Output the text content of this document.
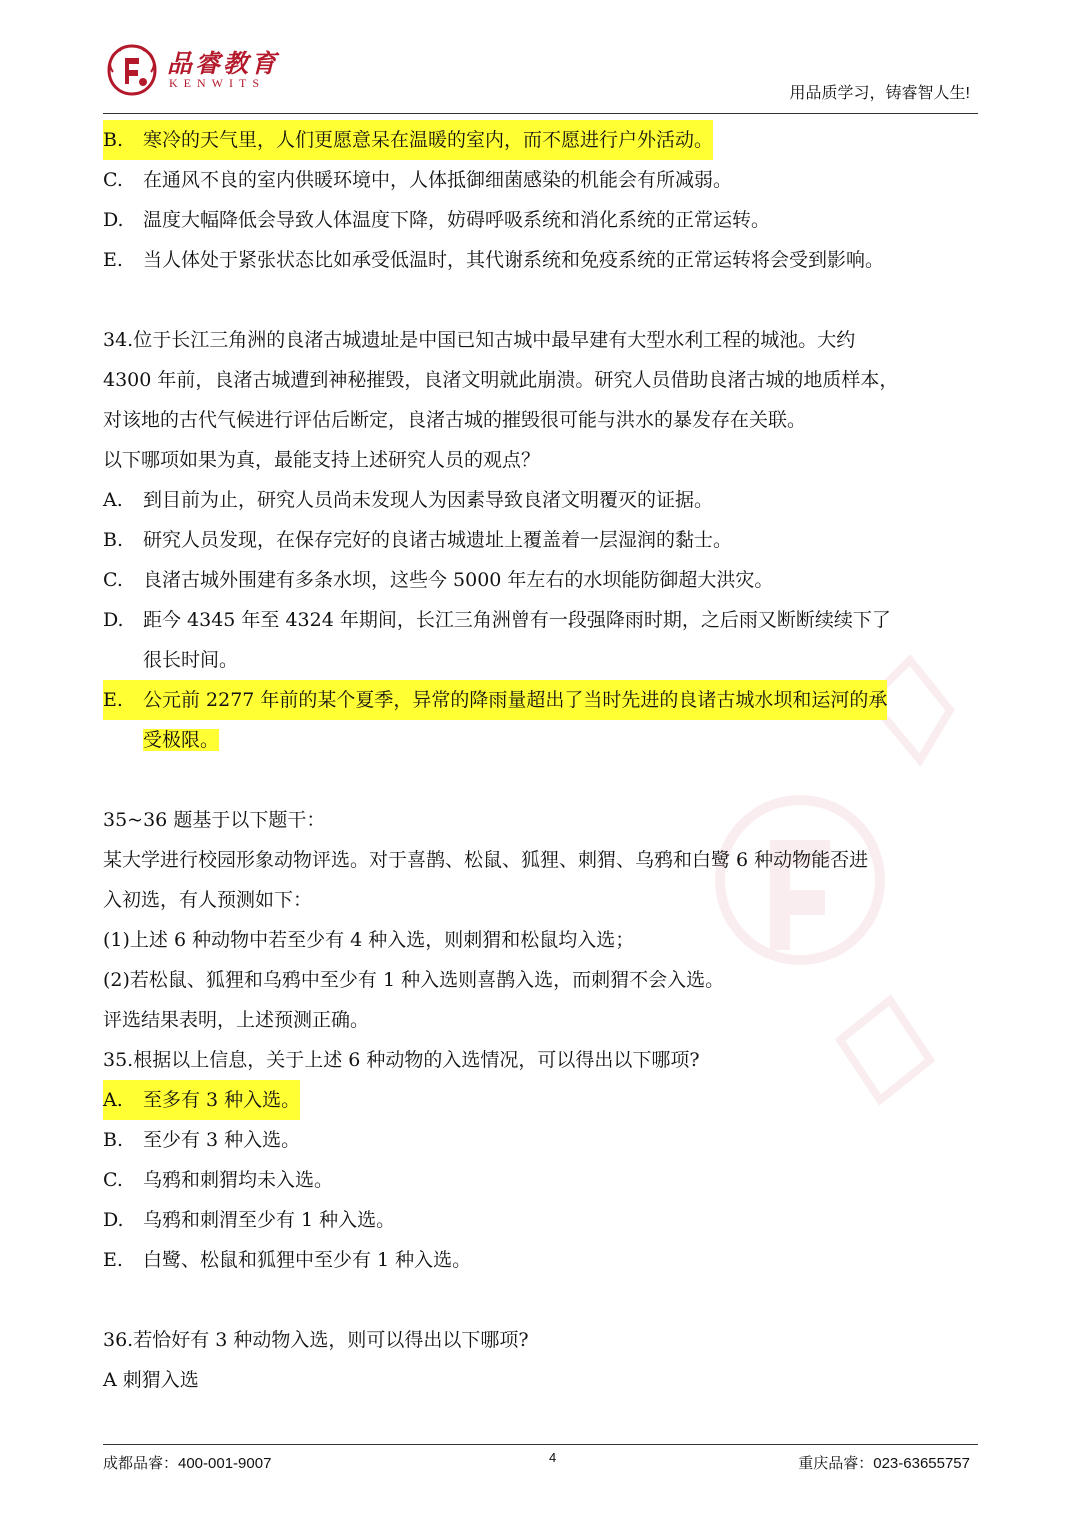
品睿教育
KENWITS
用品质学习，铸睿智人生!
B.	寒冷的天气里，人们更愿意呆在温暖的室内，而不愿进行户外活动。
C.	在通风不良的室内供暖环境中，人体抵御细菌感染的机能会有所减弱。
D.	温度大幅降低会导致人体温度下降，妨碍呼吸系统和消化系统的正常运转。
E.	当人体处于紧张状态比如承受低温时，其代谢系统和免疫系统的正常运转将会受到影响。
34.位于长江三角洲的良渚古城遗址是中国已知古城中最早建有大型水利工程的城池。大约
4300 年前，良渚古城遭到神秘摧毁，良渚文明就此崩溃。研究人员借助良渚古城的地质样本，
对该地的古代气候进行评估后断定，良渚古城的摧毁很可能与洪水的暴发存在关联。
以下哪项如果为真，最能支持上述研究人员的观点？
A.	到目前为止，研究人员尚未发现人为因素导致良渚文明覆灭的证据。
B.	研究人员发现，在保存完好的良诸古城遗址上覆盖着一层湿润的黏士。
C.	良渚古城外围建有多条水坝，这些今 5000 年左右的水坝能防御超大洪灾。
D.	距今 4345 年至 4324 年期间，长江三角洲曾有一段强降雨时期，之后雨又断断续续下了
很长时间。
E.	公元前 2277 年前的某个夏季，异常的降雨量超出了当时先进的良诸古城水坝和运河的承
受极限。
35~36 题基于以下题干：
某大学进行校园形象动物评选。对于喜鹊、松鼠、狐狸、刺猬、乌鸦和白鹭 6 种动物能否进
入初选，有人预测如下：
(1)上述 6 种动物中若至少有 4 种入选，则刺猬和松鼠均入选；
(2)若松鼠、狐狸和乌鸦中至少有 1 种入选则喜鹊入选，而刺猬不会入选。
评选结果表明，上述预测正确。
35.根据以上信息，关于上述 6 种动物的入选情况，可以得出以下哪项?
A.	至多有 3 种入选。
B.	至少有 3 种入选。
C.	乌鸦和刺猬均未入选。
D.	乌鸦和刺渭至少有 1 种入选。
E.	白鹭、松鼠和狐狸中至少有 1 种入选。
36.若恰好有 3 种动物入选，则可以得出以下哪项?
A 刺猬入选
成都品睿：400-001-9007	4	重庆品睿：023-63655757
